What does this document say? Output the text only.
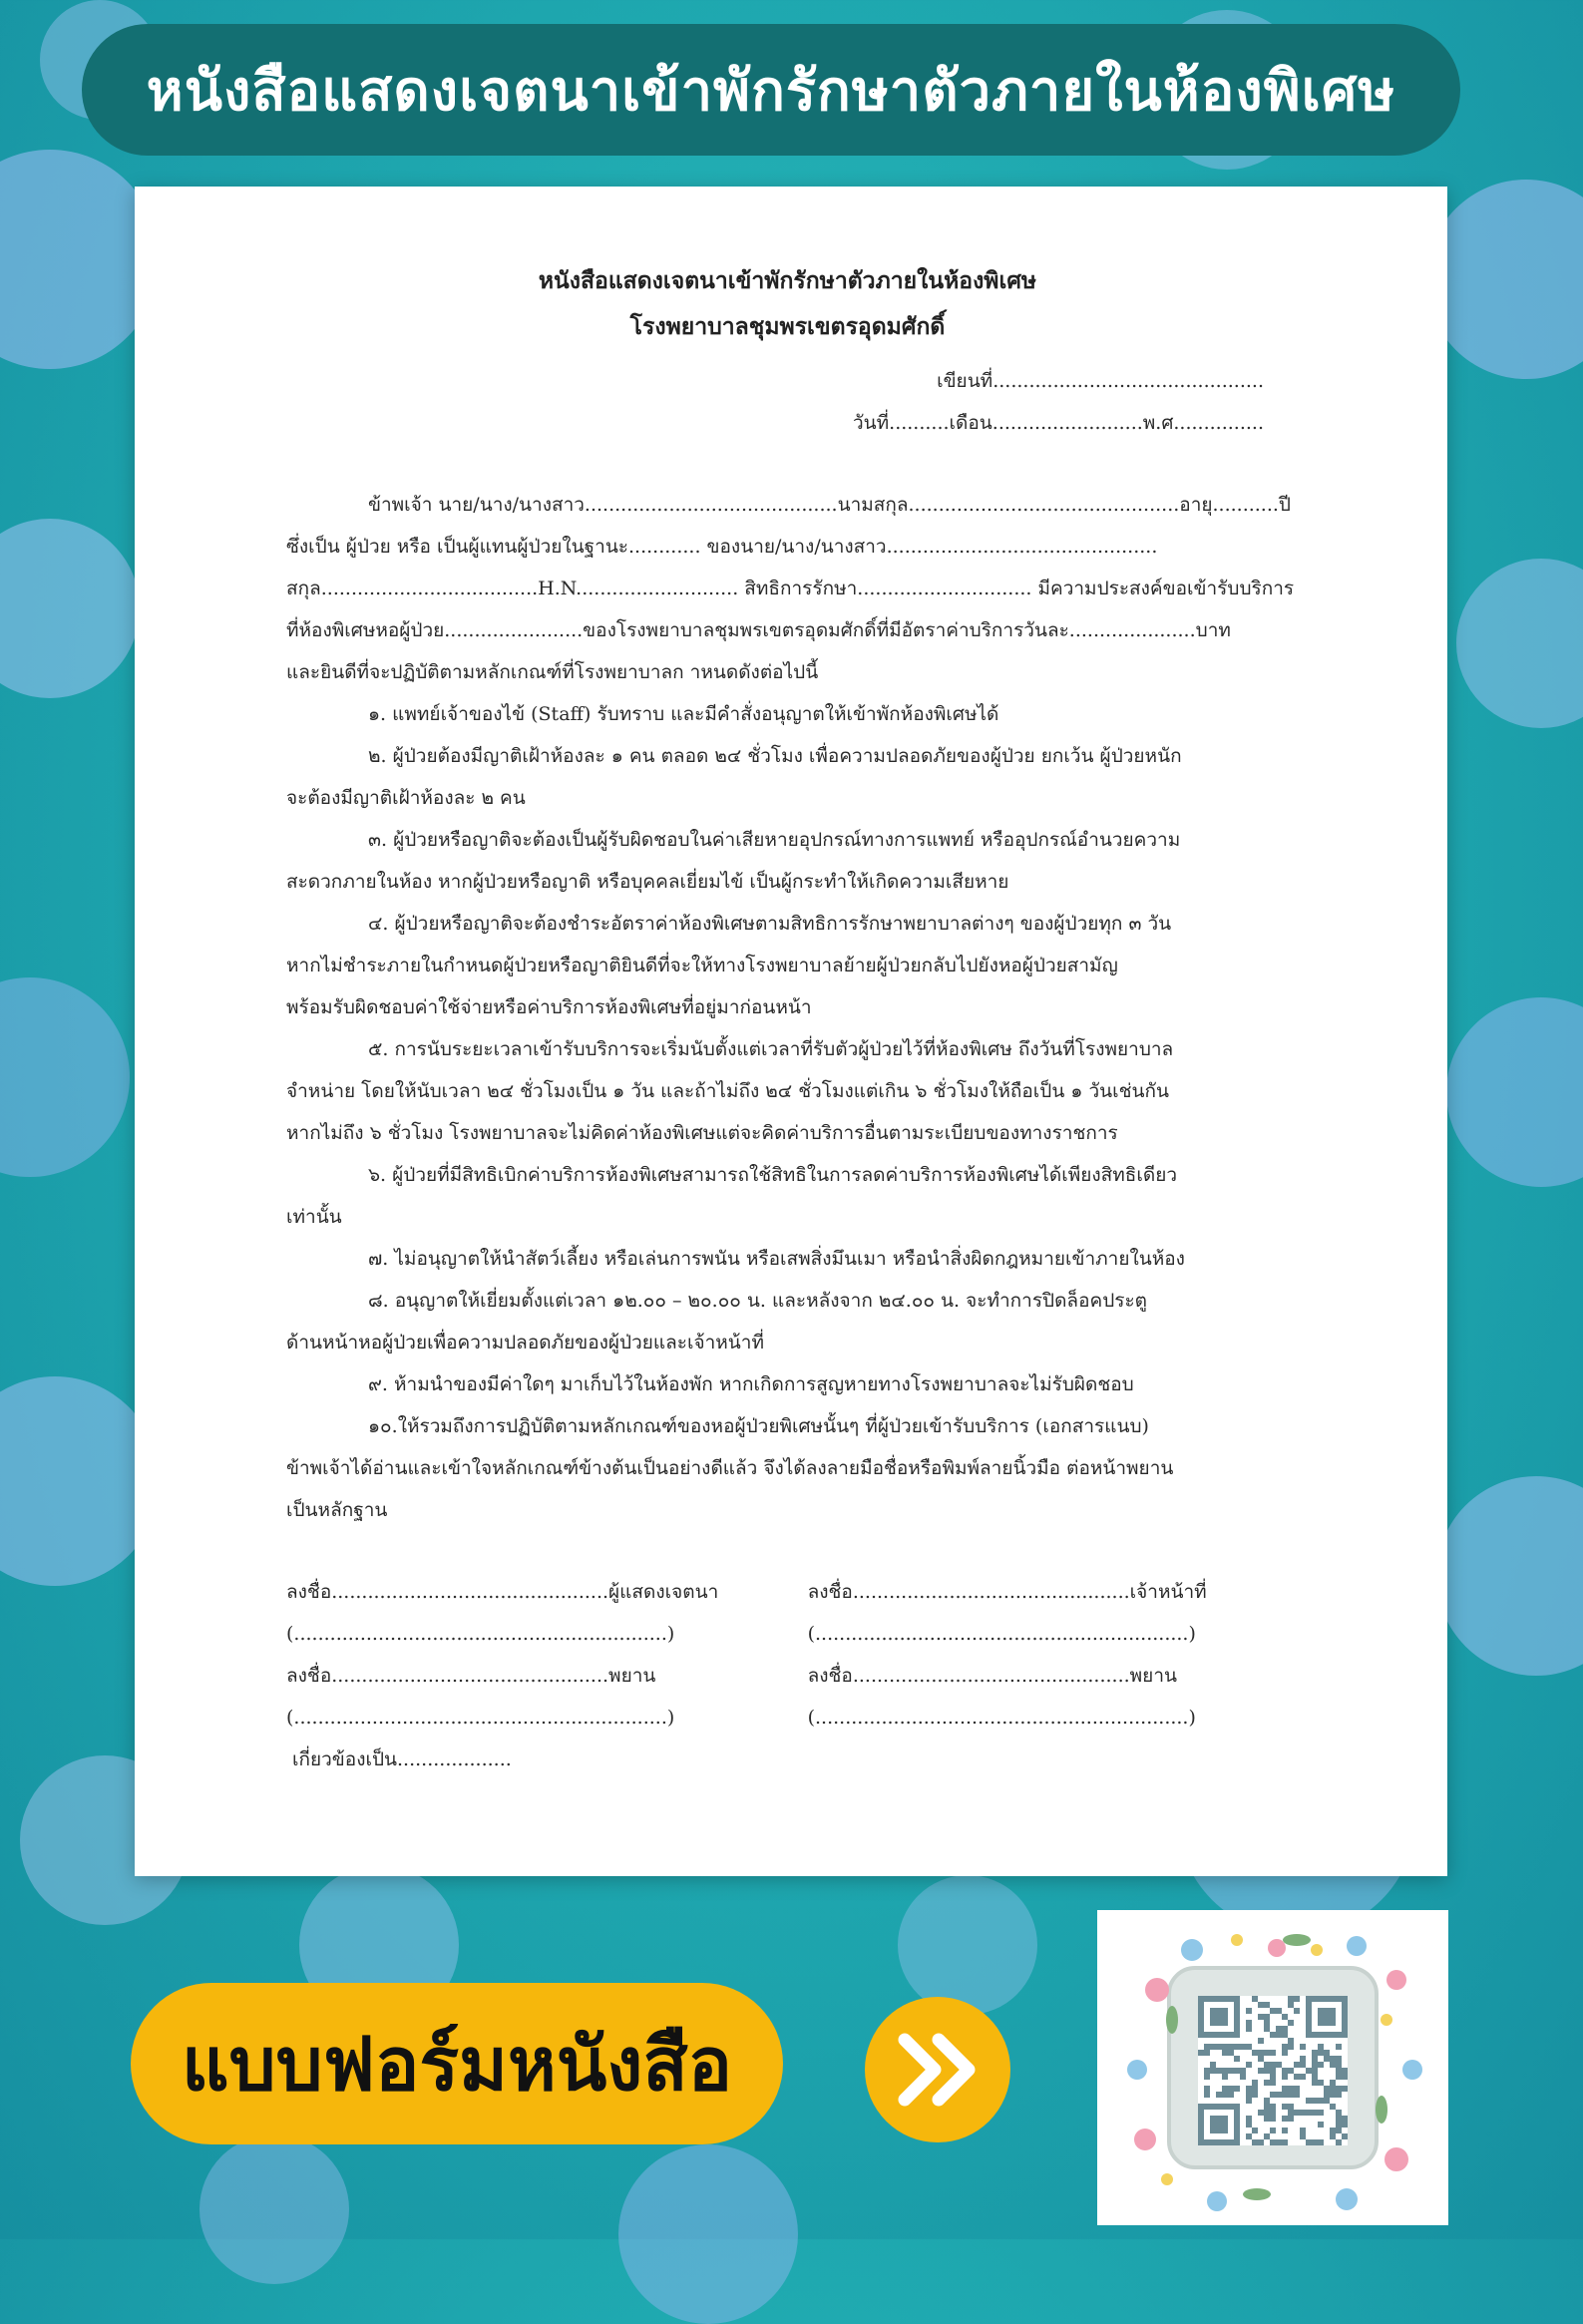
หนังสือแสดงเจตนาเข้าพักรักษาตัวภายในห้องพิเศษ
หนังสือแสดงเจตนาเข้าพักรักษาตัวภายในห้องพิเศษ
โรงพยาบาลชุมพรเขตรอุดมศักดิ์
เขียนที่.............................................
วันที่..........เดือน.........................พ.ศ...............
ข้าพเจ้า นาย/นาง/นางสาว..........................................นามสกุล.............................................อายุ...........ปี
ซึ่งเป็น ผู้ป่วย หรือ เป็นผู้แทนผู้ป่วยในฐานะ............ ของนาย/นาง/นางสาว.............................................
สกุล....................................H.N........................... สิทธิการรักษา............................. มีความประสงค์ขอเข้ารับบริการ
ที่ห้องพิเศษหอผู้ป่วย.......................ของโรงพยาบาลชุมพรเขตรอุดมศักดิ์ที่มีอัตราค่าบริการวันละ.....................บาท
และยินดีที่จะปฏิบัติตามหลักเกณฑ์ที่โรงพยาบาลก าหนดดังต่อไปนี้
๑. แพทย์เจ้าของไข้ (Staff) รับทราบ และมีคำสั่งอนุญาตให้เข้าพักห้องพิเศษได้
๒. ผู้ป่วยต้องมีญาติเฝ้าห้องละ ๑ คน ตลอด ๒๔ ชั่วโมง เพื่อความปลอดภัยของผู้ป่วย ยกเว้น ผู้ป่วยหนัก
จะต้องมีญาติเฝ้าห้องละ ๒ คน
๓. ผู้ป่วยหรือญาติจะต้องเป็นผู้รับผิดชอบในค่าเสียหายอุปกรณ์ทางการแพทย์ หรืออุปกรณ์อำนวยความ
สะดวกภายในห้อง หากผู้ป่วยหรือญาติ หรือบุคคลเยี่ยมไข้ เป็นผู้กระทำให้เกิดความเสียหาย
๔. ผู้ป่วยหรือญาติจะต้องชำระอัตราค่าห้องพิเศษตามสิทธิการรักษาพยาบาลต่างๆ ของผู้ป่วยทุก ๓ วัน
หากไม่ชำระภายในกำหนดผู้ป่วยหรือญาติยินดีที่จะให้ทางโรงพยาบาลย้ายผู้ป่วยกลับไปยังหอผู้ป่วยสามัญ
พร้อมรับผิดชอบค่าใช้จ่ายหรือค่าบริการห้องพิเศษที่อยู่มาก่อนหน้า
๕. การนับระยะเวลาเข้ารับบริการจะเริ่มนับตั้งแต่เวลาที่รับตัวผู้ป่วยไว้ที่ห้องพิเศษ ถึงวันที่โรงพยาบาล
จำหน่าย โดยให้นับเวลา ๒๔ ชั่วโมงเป็น ๑ วัน และถ้าไม่ถึง ๒๔ ชั่วโมงแต่เกิน ๖ ชั่วโมงให้ถือเป็น ๑ วันเช่นกัน
หากไม่ถึง ๖ ชั่วโมง โรงพยาบาลจะไม่คิดค่าห้องพิเศษแต่จะคิดค่าบริการอื่นตามระเบียบของทางราชการ
๖. ผู้ป่วยที่มีสิทธิเบิกค่าบริการห้องพิเศษสามารถใช้สิทธิในการลดค่าบริการห้องพิเศษได้เพียงสิทธิเดียว
เท่านั้น
๗. ไม่อนุญาตให้นำสัตว์เลี้ยง หรือเล่นการพนัน หรือเสพสิ่งมึนเมา หรือนำสิ่งผิดกฎหมายเข้าภายในห้อง
๘. อนุญาตให้เยี่ยมตั้งแต่เวลา ๑๒.๐๐ – ๒๐.๐๐ น. และหลังจาก ๒๔.๐๐ น. จะทำการปิดล็อคประตู
ด้านหน้าหอผู้ป่วยเพื่อความปลอดภัยของผู้ป่วยและเจ้าหน้าที่
๙. ห้ามนำของมีค่าใดๆ มาเก็บไว้ในห้องพัก หากเกิดการสูญหายทางโรงพยาบาลจะไม่รับผิดชอบ
๑๐.ให้รวมถึงการปฏิบัติตามหลักเกณฑ์ของหอผู้ป่วยพิเศษนั้นๆ ที่ผู้ป่วยเข้ารับบริการ (เอกสารแนบ)
ข้าพเจ้าได้อ่านและเข้าใจหลักเกณฑ์ข้างต้นเป็นอย่างดีแล้ว จึงได้ลงลายมือชื่อหรือพิมพ์ลายนิ้วมือ ต่อหน้าพยาน
เป็นหลักฐาน
ลงชื่อ..............................................ผู้แสดงเจตนา	ลงชื่อ..............................................เจ้าหน้าที่
(..............................................................)	(..............................................................)
ลงชื่อ..............................................พยาน	ลงชื่อ..............................................พยาน
(..............................................................)	(..............................................................)
เกี่ยวข้องเป็น...................
แบบฟอร์มหนังสือ
